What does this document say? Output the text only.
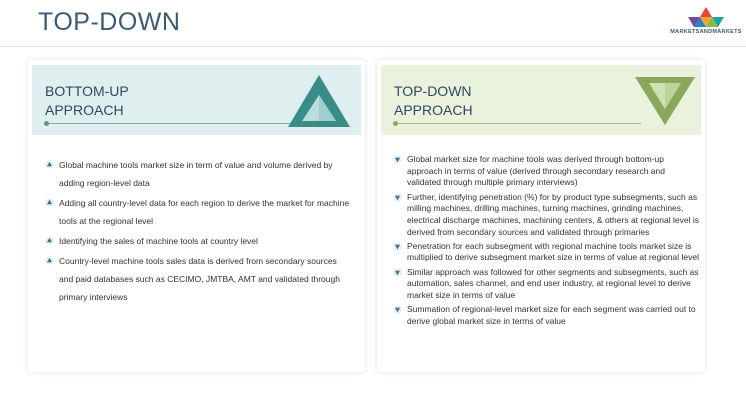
TOP-DOWN	MARKETSANDMARKETS
BOTTOM-UP
APPROACH
Global machine tools market size in term of value and volume derived by adding region-level data
Adding all country-level data for each region to derive the market for machine tools at the regional level
Identifying the sales of machine tools at country level
Country-level machine tools sales data is derived from secondary sources and paid databases such as CECIMO, JMTBA, AMT and validated through primary interviews
TOP-DOWN
APPROACH
Global market size for machine tools was derived through bottom-up approach in terms of value (derived through secondary research and validated through multiple primary interviews)
Further, identifying penetration (%) for by product type subsegments, such as milling machines, drilling machines, turning machines, grinding machines, electrical discharge machines, machining centers, & others at regional level is derived from secondary sources and validated through primaries
Penetration for each subsegment with regional machine tools market size is multiplied to derive subsegment market size in terms of value at regional level
Similar approach was followed for other segments and subsegments, such as automation, sales channel, and end user industry, at regional level to derive market size in terms of value
Summation of regional-level market size for each segment was carried out to derive global market size in terms of value
